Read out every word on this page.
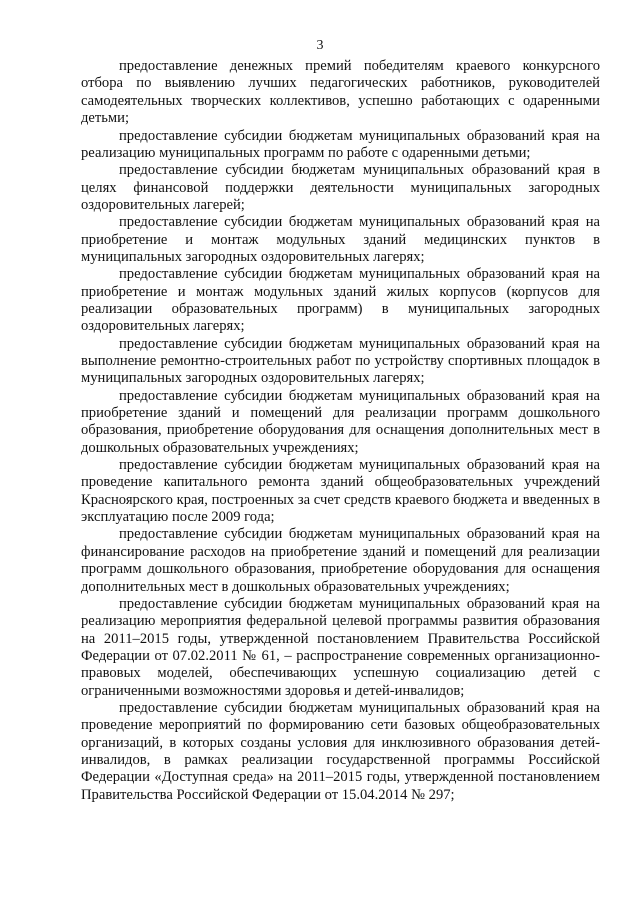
3

предоставление денежных премий победителям краевого конкурсного отбора по выявлению лучших педагогических работников, руководителей самодеятельных творческих коллективов, успешно работающих с одаренными детьми;

предоставление субсидии бюджетам муниципальных образований края на реализацию муниципальных программ по работе с одаренными детьми;

предоставление субсидии бюджетам муниципальных образований края в целях финансовой поддержки деятельности муниципальных загородных оздоровительных лагерей;

предоставление субсидии бюджетам муниципальных образований края на приобретение и монтаж модульных зданий медицинских пунктов в муниципальных загородных оздоровительных лагерях;

предоставление субсидии бюджетам муниципальных образований края на приобретение и монтаж модульных зданий жилых корпусов (корпусов для реализации образовательных программ) в муниципальных загородных оздоровительных лагерях;

предоставление субсидии бюджетам муниципальных образований края на выполнение ремонтно-строительных работ по устройству спортивных площадок в муниципальных загородных оздоровительных лагерях;

предоставление субсидии бюджетам муниципальных образований края на приобретение зданий и помещений для реализации программ дошкольного образования, приобретение оборудования для оснащения дополнительных мест в дошкольных образовательных учреждениях;

предоставление субсидии бюджетам муниципальных образований края на проведение капитального ремонта зданий общеобразовательных учреждений Красноярского края, построенных за счет средств краевого бюджета и введенных в эксплуатацию после 2009 года;

предоставление субсидии бюджетам муниципальных образований края на финансирование расходов на приобретение зданий и помещений для реализации программ дошкольного образования, приобретение оборудования для оснащения дополнительных мест в дошкольных образовательных учреждениях;

предоставление субсидии бюджетам муниципальных образований края на реализацию мероприятия федеральной целевой программы развития образования на 2011–2015 годы, утвержденной постановлением Правительства Российской Федерации от 07.02.2011 № 61, – распространение современных организационно-правовых моделей, обеспечивающих успешную социализацию детей с ограниченными возможностями здоровья и детей-инвалидов;

предоставление субсидии бюджетам муниципальных образований края на проведение мероприятий по формированию сети базовых общеобразовательных организаций, в которых созданы условия для инклюзивного образования детей-инвалидов, в рамках реализации государственной программы Российской Федерации «Доступная среда» на 2011–2015 годы, утвержденной постановлением Правительства Российской Федерации от 15.04.2014 № 297;
